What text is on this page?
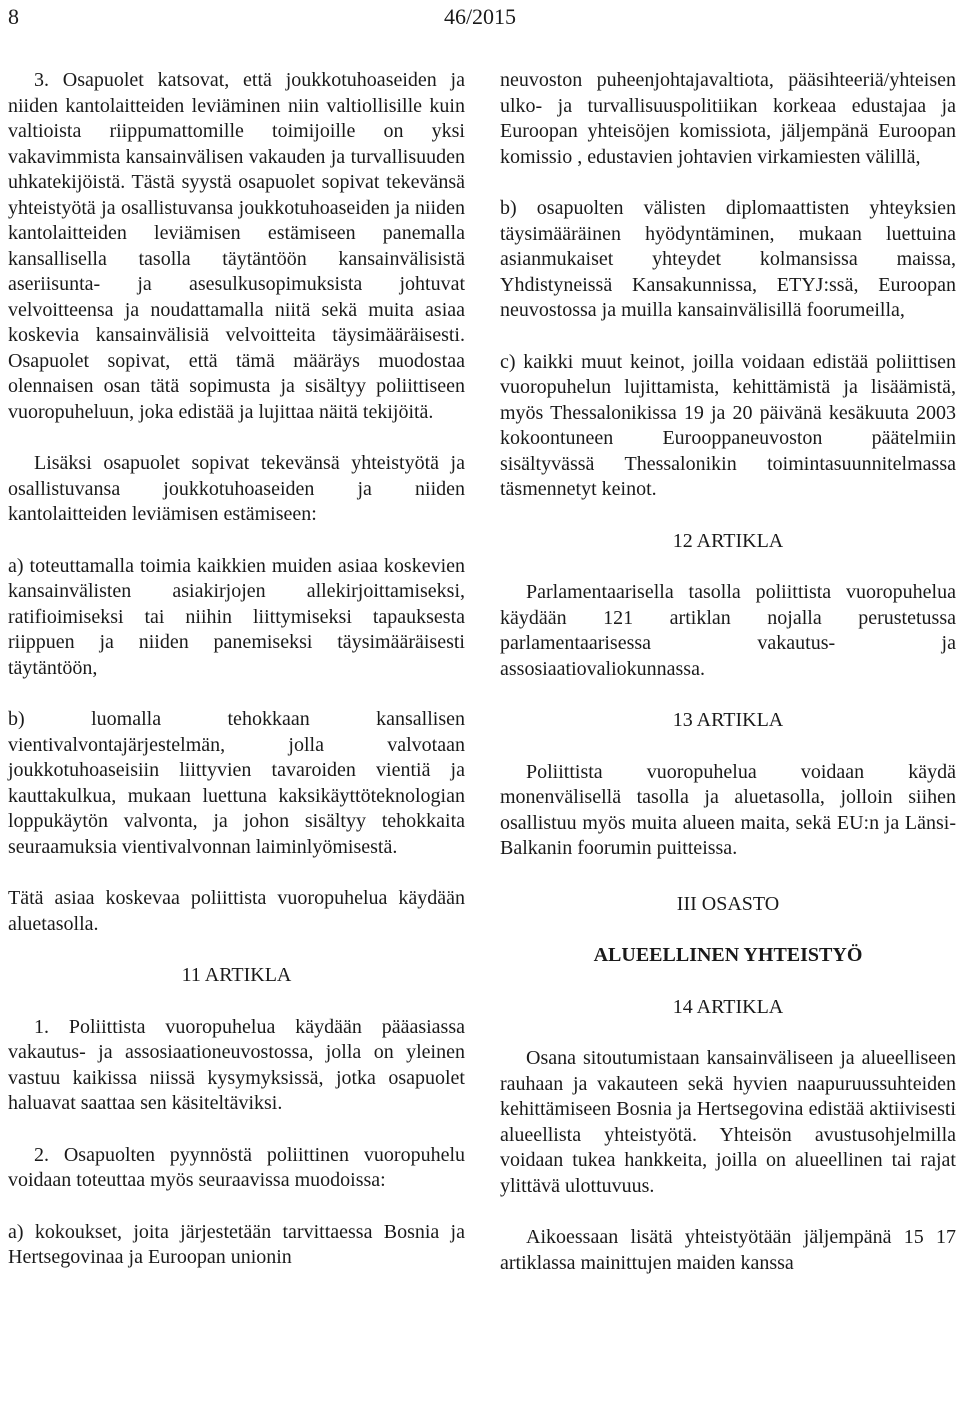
8	46/2015

3. Osapuolet katsovat, että joukkotuhoaseiden ja niiden kantolaitteiden leviäminen niin valtiollisille kuin valtioista riippumattomille toimijoille on yksi vakavimmista kansainvälisen vakauden ja turvallisuuden uhkatekijöistä. Tästä syystä osapuolet sopivat tekevänsä yhteistyötä ja osallistuvansa joukkotuhoaseiden ja niiden kantolaitteiden leviämisen estämiseen panemalla kansallisella tasolla täytäntöön kansainvälisistä aseriisunta- ja asesulkusopimuksista johtuvat velvoitteensa ja noudattamalla niitä sekä muita asiaa koskevia kansainvälisiä velvoitteita täysimääräisesti. Osapuolet sopivat, että tämä määräys muodostaa olennaisen osan tätä sopimusta ja sisältyy poliittiseen vuoropuheluun, joka edistää ja lujittaa näitä tekijöitä.

Lisäksi osapuolet sopivat tekevänsä yhteistyötä ja osallistuvansa joukkotuhoaseiden ja niiden kantolaitteiden leviämisen estämiseen:

a) toteuttamalla toimia kaikkien muiden asiaa koskevien kansainvälisten asiakirjojen allekirjoittamiseksi, ratifioimiseksi tai niihin liittymiseksi tapauksesta riippuen ja niiden panemiseksi täysimääräisesti täytäntöön,

b) luomalla tehokkaan kansallisen vientivalvontajärjestelmän, jolla valvotaan joukkotuhoaseisiin liittyvien tavaroiden vientiä ja kauttakulkua, mukaan luettuna kaksikäyttöteknologian loppukäytön valvonta, ja johon sisältyy tehokkaita seuraamuksia vientivalvonnan laiminlyömisestä.

Tätä asiaa koskevaa poliittista vuoropuhelua käydään aluetasolla.

11 ARTIKLA

1. Poliittista vuoropuhelua käydään pääasiassa vakautus- ja assosiaationeuvostossa, jolla on yleinen vastuu kaikissa niissä kysymyksissä, jotka osapuolet haluavat saattaa sen käsiteltäviksi.

2. Osapuolten pyynnöstä poliittinen vuoropuhelu voidaan toteuttaa myös seuraavissa muodoissa:

a) kokoukset, joita järjestetään tarvittaessa Bosnia ja Hertsegovinaa ja Euroopan unionin

neuvoston puheenjohtajavaltiota, pääsihteeriä/yhteisen ulko- ja turvallisuuspolitiikan korkeaa edustajaa ja Euroopan yhteisöjen komissiota, jäljempänä Euroopan komissio , edustavien johtavien virkamiesten välillä,

b) osapuolten välisten diplomaattisten yhteyksien täysimääräinen hyödyntäminen, mukaan luettuina asianmukaiset yhteydet kolmansissa maissa, Yhdistyneissä Kansakunnissa, ETYJ:ssä, Euroopan neuvostossa ja muilla kansainvälisillä foorumeilla,

c) kaikki muut keinot, joilla voidaan edistää poliittisen vuoropuhelun lujittamista, kehittämistä ja lisäämistä, myös Thessalonikissa 19 ja 20 päivänä kesäkuuta 2003 kokoontuneen Eurooppaneuvoston päätelmiin sisältyvässä Thessalonikin toimintasuunnitelmassa täsmennetyt keinot.

12 ARTIKLA

Parlamentaarisella tasolla poliittista vuoropuhelua käydään 121 artiklan nojalla perustetussa parlamentaarisessa vakautus- ja assosiaatiovaliokunnassa.

13 ARTIKLA

Poliittista vuoropuhelua voidaan käydä monenvälisellä tasolla ja aluetasolla, jolloin siihen osallistuu myös muita alueen maita, sekä EU:n ja Länsi-Balkanin foorumin puitteissa.

III OSASTO
ALUEELLINEN YHTEISTYÖ
14 ARTIKLA

Osana sitoutumistaan kansainväliseen ja alueelliseen rauhaan ja vakauteen sekä hyvien naapuruussuhteiden kehittämiseen Bosnia ja Hertsegovina edistää aktiivisesti alueellista yhteistyötä. Yhteisön avustusohjelmilla voidaan tukea hankkeita, joilla on alueellinen tai rajat ylittävä ulottuvuus.

Aikoessaan lisätä yhteistyötään jäljempänä 15 17 artiklassa mainittujen maiden kanssa
